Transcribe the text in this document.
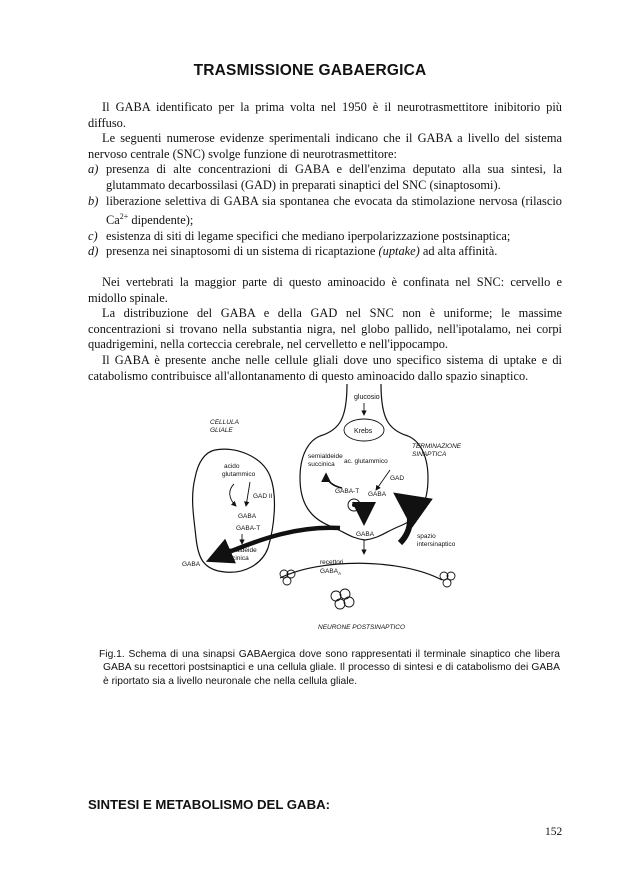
TRASMISSIONE GABAERGICA

Il GABA identificato per la prima volta nel 1950 è il neurotrasmettitore inibitorio più diffuso.

Le seguenti numerose evidenze sperimentali indicano che il GABA a livello del sistema nervoso centrale (SNC) svolge funzione di neurotrasmettitore:

a) presenza di alte concentrazioni di GABA e dell'enzima deputato alla sua sintesi, la glutammato decarbossilasi (GAD) in preparati sinaptici del SNC (sinaptosomi).
b) liberazione selettiva di GABA sia spontanea che evocata da stimolazione nervosa (rilascio $Ca^{2+}$ dipendente);
c) esistenza di siti di legame specifici che mediano iperpolarizzazione postsinaptica;
d) presenza nei sinaptosomi di un sistema di ricaptazione (uptake) ad alta affinità.

Nei vertebrati la maggior parte di questo aminoacido è confinata nel SNC: cervello e midollo spinale.

La distribuzione del GABA e della GAD nel SNC non è uniforme; le massime concentrazioni si trovano nella substantia nigra, nel globo pallido, nell'ipotalamo, nei corpi quadrigemini, nella corteccia cerebrale, nel cervelletto e nell'ippocampo.

Il GABA è presente anche nelle cellule gliali dove uno specifico sistema di uptake e di catabolismo contribuisce all'allontanamento di questo aminoacido dallo spazio sinaptico.

glucosio
Krebs
TERMINAZIONE
SINAPTICA
semialdeide
succinica ac. glutammico
GAD
GABA-T GABA
GABA	spazio
intersinaptico
CELLULA
GLIALE
acido
glutammico
GAD II
GABA
GABA-T
semialdeide
succinica
GABA	recettori
$GABA_A$
NEURONE POSTSINAPTICO
Fig.1. Schema di una sinapsi GABAergica dove sono rappresentati il terminale sinaptico che libera GABA su recettori postsinaptici e una cellula gliale. Il processo di sintesi e di catabolismo dei GABA è riportato sia a livello neuronale che nella cellula gliale.
SINTESI E METABOLISMO DEL GABA:
152
